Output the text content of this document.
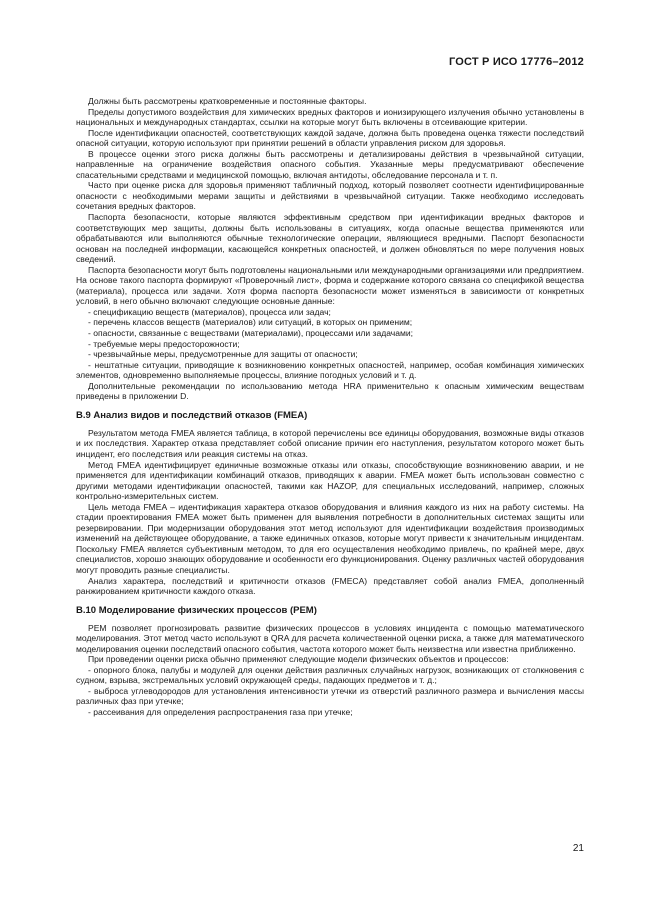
ГОСТ Р ИСО 17776–2012

Должны быть рассмотрены кратковременные и постоянные факторы.

Пределы допустимого воздействия для химических вредных факторов и ионизирующего излучения обычно установлены в национальных и международных стандартах, ссылки на которые могут быть включены в отсеивающие критерии.

После идентификации опасностей, соответствующих каждой задаче, должна быть проведена оценка тяжести последствий опасной ситуации, которую используют при принятии решений в области управления риском для здоровья.

В процессе оценки этого риска должны быть рассмотрены и детализированы действия в чрезвычайной ситуации, направленные на ограничение воздействия опасного события. Указанные меры предусматривают обеспечение спасательными средствами и медицинской помощью, включая антидоты, обследование персонала и т. п.

Часто при оценке риска для здоровья применяют табличный подход, который позволяет соотнести идентифицированные опасности с необходимыми мерами защиты и действиями в чрезвычайной ситуации. Также необходимо исследовать сочетания вредных факторов.

Паспорта безопасности, которые являются эффективным средством при идентификации вредных факторов и соответствующих мер защиты, должны быть использованы в ситуациях, когда опасные вещества применяются или обрабатываются или выполняются обычные технологические операции, являющиеся вредными. Паспорт безопасности основан на последней информации, касающейся конкретных опасностей, и должен обновляться по мере получения новых сведений.

Паспорта безопасности могут быть подготовлены национальными или международными организациями или предприятием. На основе такого паспорта формируют «Проверочный лист», форма и содержание которого связана со спецификой вещества (материала), процесса или задачи. Хотя форма паспорта безопасности может изменяться в зависимости от конкретных условий, в него обычно включают следующие основные данные:

- спецификацию веществ (материалов), процесса или задач;
- перечень классов веществ (материалов) или ситуаций, в которых он применим;
- опасности, связанные с веществами (материалами), процессами или задачами;
- требуемые меры предосторожности;
- чрезвычайные меры, предусмотренные для защиты от опасности;
- нештатные ситуации, приводящие к возникновению конкретных опасностей, например, особая комбинация химических элементов, одновременно выполняемые процессы, влияние погодных условий и т. д.

Дополнительные рекомендации по использованию метода HRA применительно к опасным химическим веществам приведены в приложении D.

В.9 Анализ видов и последствий отказов (FMEA)

Результатом метода FMEA является таблица, в которой перечислены все единицы оборудования, возможные виды отказов и их последствия. Характер отказа представляет собой описание причин его наступления, результатом которого может быть инцидент, его последствия или реакция системы на отказ.

Метод FMEA идентифицирует единичные возможные отказы или отказы, способствующие возникновению аварии, и не применяется для идентификации комбинаций отказов, приводящих к аварии. FMEA может быть использован совместно с другими методами идентификации опасностей, такими как HAZOP, для специальных исследований, например, сложных контрольно-измерительных систем.

Цель метода FMEA – идентификация характера отказов оборудования и влияния каждого из них на работу системы. На стадии проектирования FMEA может быть применен для выявления потребности в дополнительных системах защиты или резервировании. При модернизации оборудования этот метод используют для идентификации воздействия производимых изменений на действующее оборудование, а также единичных отказов, которые могут привести к значительным инцидентам. Поскольку FMEA является субъективным методом, то для его осуществления необходимо привлечь, по крайней мере, двух специалистов, хорошо знающих оборудование и особенности его функционирования. Оценку различных частей оборудования могут проводить разные специалисты.

Анализ характера, последствий и критичности отказов (FMECA) представляет собой анализ FMEA, дополненный ранжированием критичности каждого отказа.

В.10 Моделирование физических процессов (РЕМ)

РЕМ позволяет прогнозировать развитие физических процессов в условиях инцидента с помощью математического моделирования. Этот метод часто используют в QRA для расчета количественной оценки риска, а также для математического моделирования оценки последствий опасного события, частота которого может быть неизвестна или известна приближенно.

При проведении оценки риска обычно применяют следующие модели физических объектов и процессов:

- опорного блока, палубы и модулей для оценки действия различных случайных нагрузок, возникающих от столкновения с судном, взрыва, экстремальных условий окружающей среды, падающих предметов и т. д.;
- выброса углеводородов для установления интенсивности утечки из отверстий различного размера и вычисления массы различных фаз при утечке;
- рассеивания для определения распространения газа при утечке;
21
